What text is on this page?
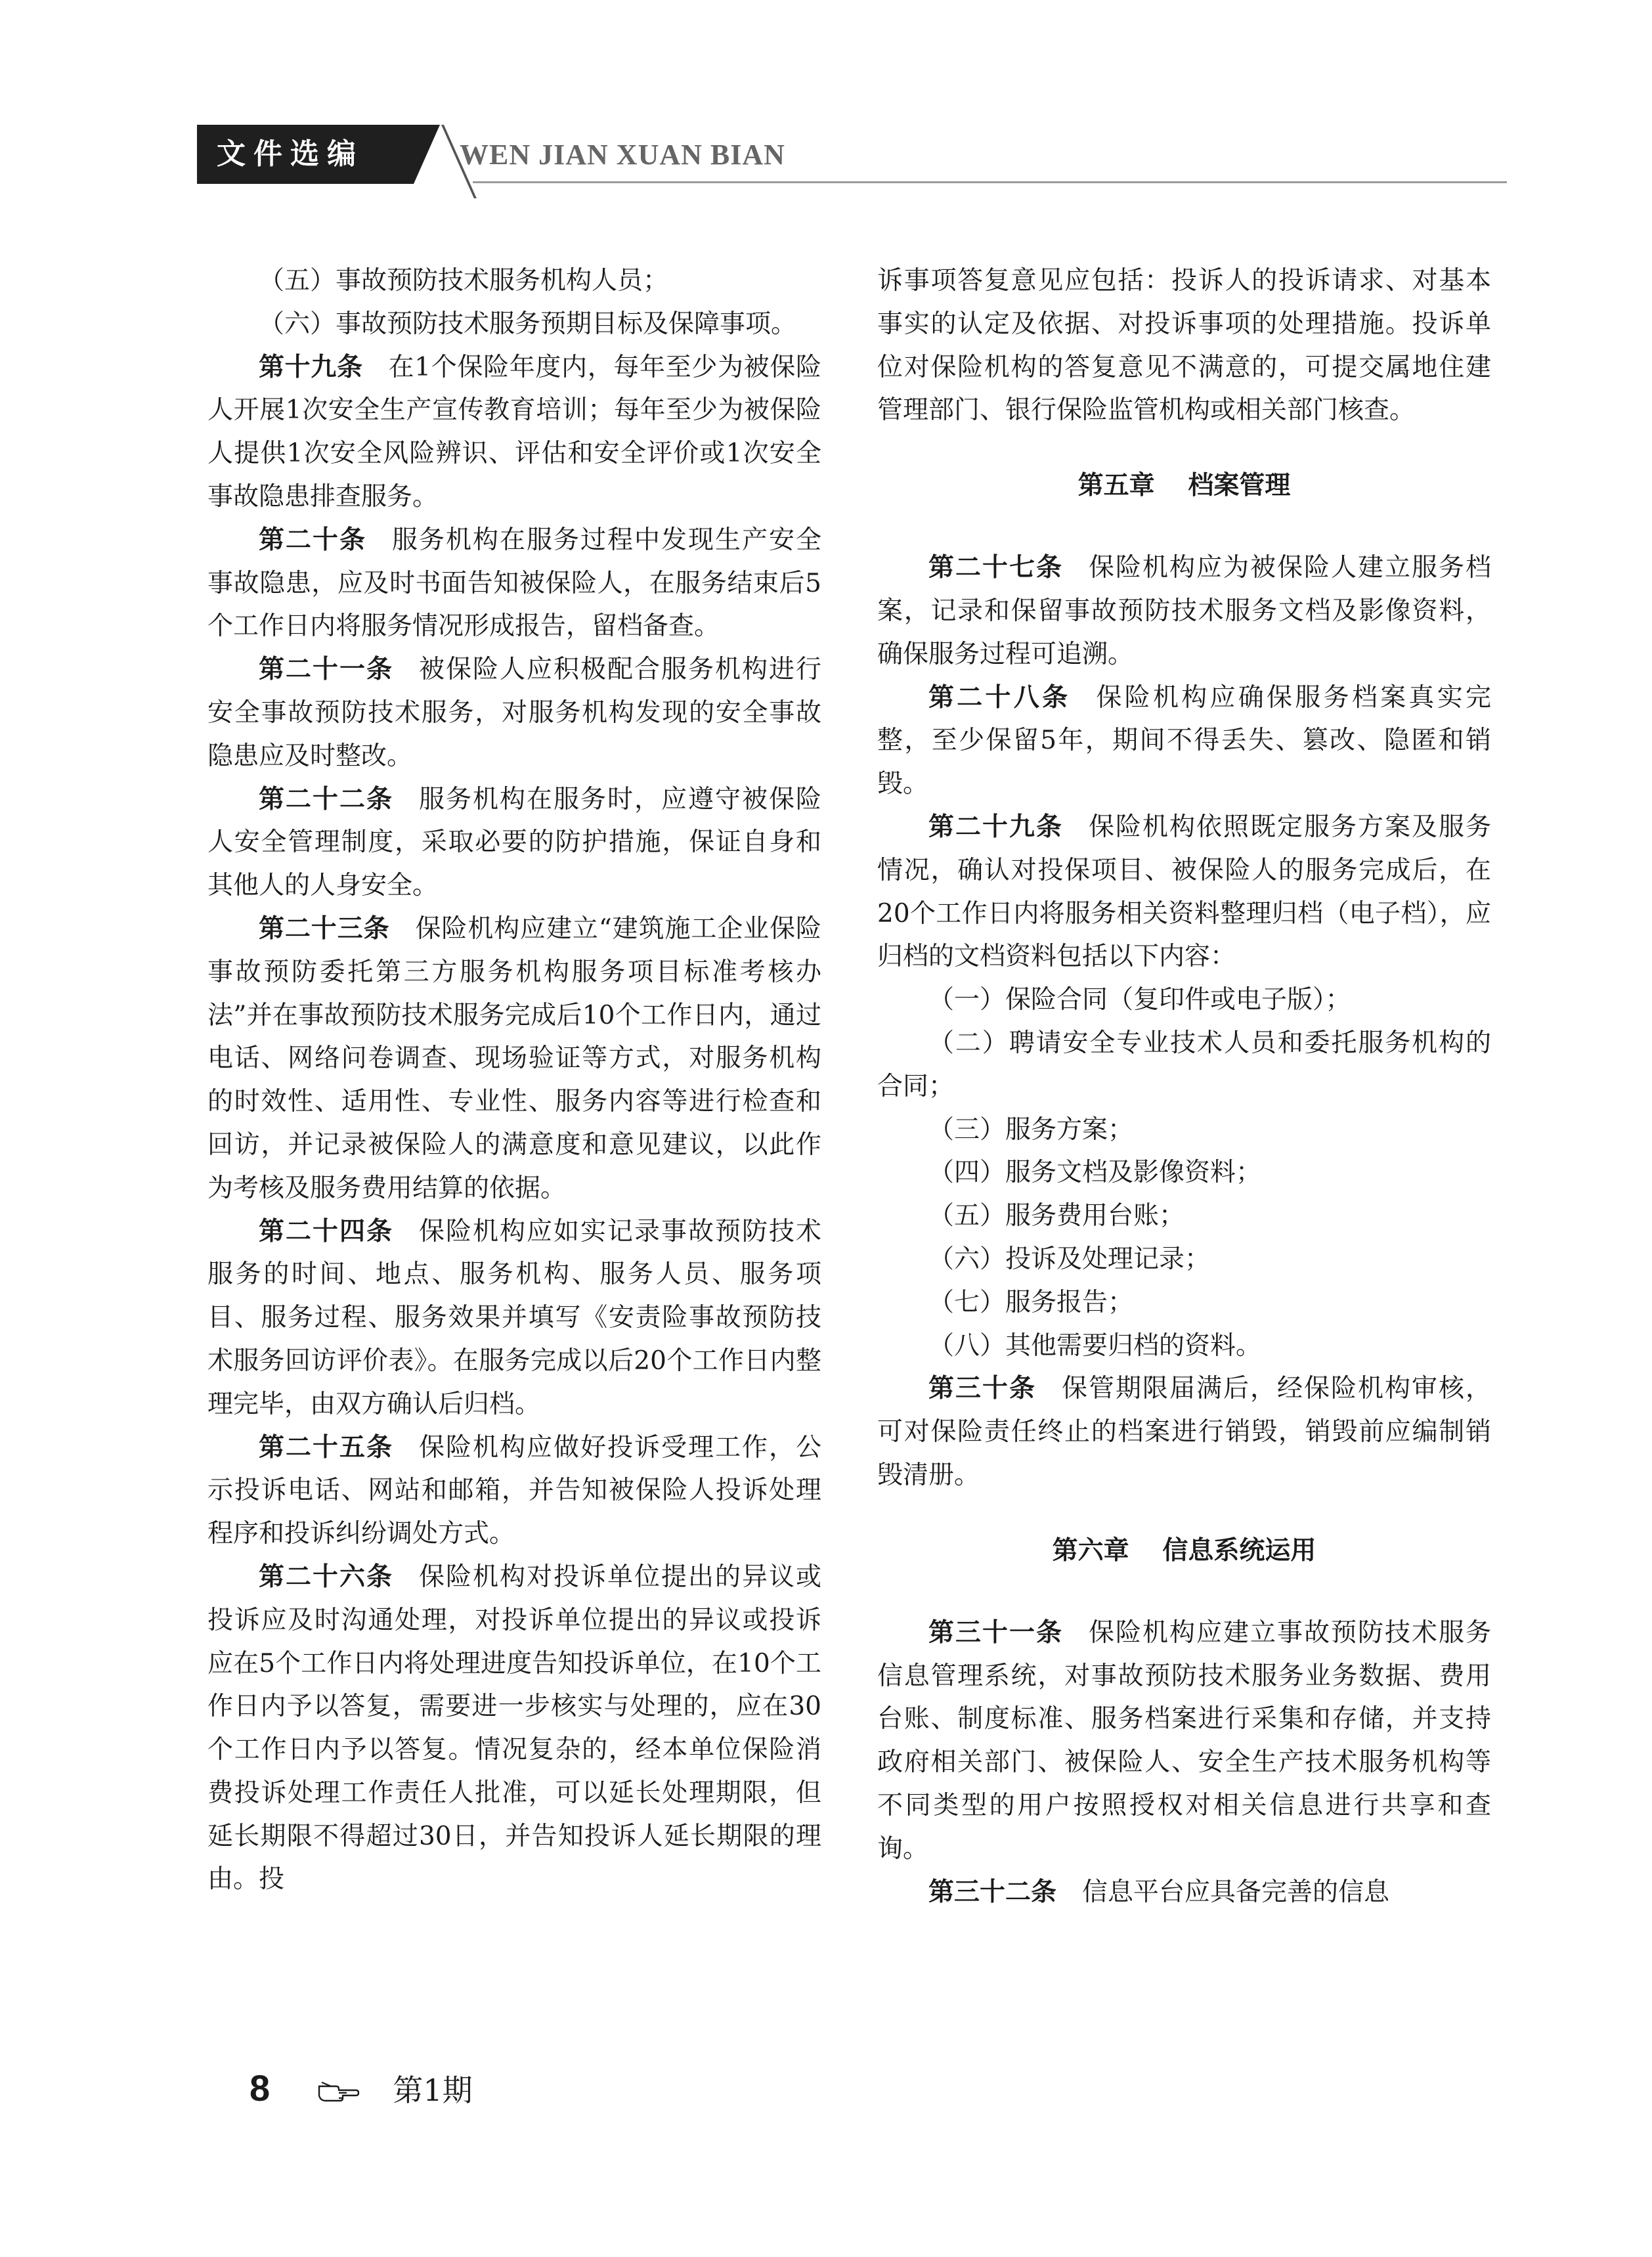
文件选编	WEN JIAN XUAN BIAN

（五）事故预防技术服务机构人员；

（六）事故预防技术服务预期目标及保障事项。

第十九条 在1个保险年度内，每年至少为被保险人开展1次安全生产宣传教育培训；每年至少为被保险人提供1次安全风险辨识、评估和安全评价或1次安全事故隐患排查服务。

第二十条 服务机构在服务过程中发现生产安全事故隐患，应及时书面告知被保险人，在服务结束后5个工作日内将服务情况形成报告，留档备查。

第二十一条 被保险人应积极配合服务机构进行安全事故预防技术服务，对服务机构发现的安全事故隐患应及时整改。

第二十二条 服务机构在服务时，应遵守被保险人安全管理制度，采取必要的防护措施，保证自身和其他人的人身安全。

第二十三条 保险机构应建立“建筑施工企业保险事故预防委托第三方服务机构服务项目标准考核办法”并在事故预防技术服务完成后10个工作日内，通过电话、网络问卷调查、现场验证等方式，对服务机构的时效性、适用性、专业性、服务内容等进行检查和回访，并记录被保险人的满意度和意见建议，以此作为考核及服务费用结算的依据。

第二十四条 保险机构应如实记录事故预防技术服务的时间、地点、服务机构、服务人员、服务项目、服务过程、服务效果并填写《安责险事故预防技术服务回访评价表》。在服务完成以后20个工作日内整理完毕，由双方确认后归档。

第二十五条 保险机构应做好投诉受理工作，公示投诉电话、网站和邮箱，并告知被保险人投诉处理程序和投诉纠纷调处方式。

第二十六条 保险机构对投诉单位提出的异议或投诉应及时沟通处理，对投诉单位提出的异议或投诉应在5个工作日内将处理进度告知投诉单位，在10个工作日内予以答复，需要进一步核实与处理的，应在30个工作日内予以答复。情况复杂的，经本单位保险消费投诉处理工作责任人批准，可以延长处理期限，但延长期限不得超过30日，并告知投诉人延长期限的理由。投

诉事项答复意见应包括：投诉人的投诉请求、对基本事实的认定及依据、对投诉事项的处理措施。投诉单位对保险机构的答复意见不满意的，可提交属地住建管理部门、银行保险监管机构或相关部门核查。

第五章 档案管理

第二十七条 保险机构应为被保险人建立服务档案，记录和保留事故预防技术服务文档及影像资料，确保服务过程可追溯。

第二十八条 保险机构应确保服务档案真实完整，至少保留5年，期间不得丢失、篡改、隐匿和销毁。

第二十九条 保险机构依照既定服务方案及服务情况，确认对投保项目、被保险人的服务完成后，在20个工作日内将服务相关资料整理归档（电子档），应归档的文档资料包括以下内容：

（一）保险合同（复印件或电子版）；

（二）聘请安全专业技术人员和委托服务机构的合同；

（三）服务方案；

（四）服务文档及影像资料；

（五）服务费用台账；

（六）投诉及处理记录；

（七）服务报告；

（八）其他需要归档的资料。

第三十条 保管期限届满后，经保险机构审核，可对保险责任终止的档案进行销毁，销毁前应编制销毁清册。

第六章 信息系统运用

第三十一条 保险机构应建立事故预防技术服务信息管理系统，对事故预防技术服务业务数据、费用台账、制度标准、服务档案进行采集和存储，并支持政府相关部门、被保险人、安全生产技术服务机构等不同类型的用户按照授权对相关信息进行共享和查询。

第三十二条 信息平台应具备完善的信息

8	第1期
